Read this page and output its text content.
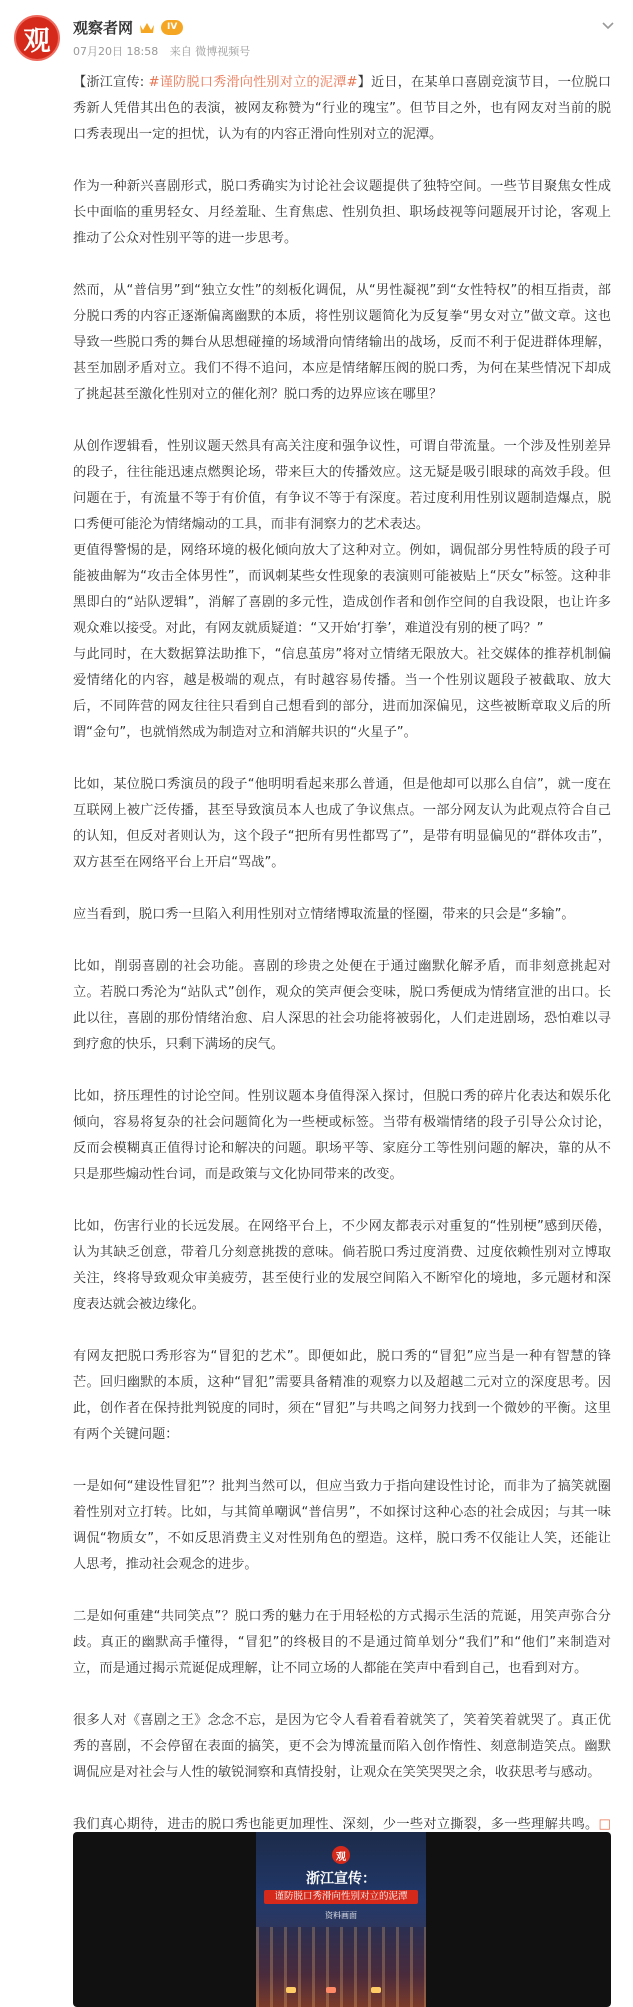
观	观察者网	IV
07月20日 18:58 来自 微博视频号

【浙江宣传: #谨防脱口秀滑向性别对立的泥潭#】近日，在某单口喜剧竞演节目，一位脱口秀新人凭借其出色的表演，被网友称赞为“行业的瑰宝”。但节目之外，也有网友对当前的脱口秀表现出一定的担忧，认为有的内容正滑向性别对立的泥潭。

作为一种新兴喜剧形式，脱口秀确实为讨论社会议题提供了独特空间。一些节目聚焦女性成长中面临的重男轻女、月经羞耻、生育焦虑、性别负担、职场歧视等问题展开讨论，客观上推动了公众对性别平等的进一步思考。

然而，从“普信男”到“独立女性”的刻板化调侃，从“男性凝视”到“女性特权”的相互指责，部分脱口秀的内容正逐渐偏离幽默的本质，将性别议题简化为反复拳“男女对立”做文章。这也导致一些脱口秀的舞台从思想碰撞的场域滑向情绪输出的战场，反而不利于促进群体理解，甚至加剧矛盾对立。我们不得不追问，本应是情绪解压阀的脱口秀，为何在某些情况下却成了挑起甚至激化性别对立的催化剂？脱口秀的边界应该在哪里？

从创作逻辑看，性别议题天然具有高关注度和强争议性，可谓自带流量。一个涉及性别差异的段子，往往能迅速点燃舆论场，带来巨大的传播效应。这无疑是吸引眼球的高效手段。但问题在于，有流量不等于有价值，有争议不等于有深度。若过度利用性别议题制造爆点，脱口秀便可能沦为情绪煽动的工具，而非有洞察力的艺术表达。

更值得警惕的是，网络环境的极化倾向放大了这种对立。例如，调侃部分男性特质的段子可能被曲解为“攻击全体男性”，而讽刺某些女性现象的表演则可能被贴上“厌女”标签。这种非黑即白的“站队逻辑”，消解了喜剧的多元性，造成创作者和创作空间的自我设限，也让许多观众难以接受。对此，有网友就质疑道：“又开始‘打拳’，难道没有别的梗了吗？”

与此同时，在大数据算法助推下，“信息茧房”将对立情绪无限放大。社交媒体的推荐机制偏爱情绪化的内容，越是极端的观点，有时越容易传播。当一个性别议题段子被截取、放大后，不同阵营的网友往往只看到自己想看到的部分，进而加深偏见，这些被断章取义后的所谓“金句”，也就悄然成为制造对立和消解共识的“火星子”。

比如，某位脱口秀演员的段子“他明明看起来那么普通，但是他却可以那么自信”，就一度在互联网上被广泛传播，甚至导致演员本人也成了争议焦点。一部分网友认为此观点符合自己的认知，但反对者则认为，这个段子“把所有男性都骂了”，是带有明显偏见的“群体攻击”，双方甚至在网络平台上开启“骂战”。

应当看到，脱口秀一旦陷入利用性别对立情绪博取流量的怪圈，带来的只会是“多输”。

比如，削弱喜剧的社会功能。喜剧的珍贵之处便在于通过幽默化解矛盾，而非刻意挑起对立。若脱口秀沦为“站队式”创作，观众的笑声便会变味，脱口秀便成为情绪宣泄的出口。长此以往，喜剧的那份情绪治愈、启人深思的社会功能将被弱化，人们走进剧场，恐怕难以寻到疗愈的快乐，只剩下满场的戾气。

比如，挤压理性的讨论空间。性别议题本身值得深入探讨，但脱口秀的碎片化表达和娱乐化倾向，容易将复杂的社会问题简化为一些梗或标签。当带有极端情绪的段子引导公众讨论，反而会模糊真正值得讨论和解决的问题。职场平等、家庭分工等性别问题的解决，靠的从不只是那些煽动性台词，而是政策与文化协同带来的改变。

比如，伤害行业的长远发展。在网络平台上，不少网友都表示对重复的“性别梗”感到厌倦，认为其缺乏创意，带着几分刻意挑拨的意味。倘若脱口秀过度消费、过度依赖性别对立博取关注，终将导致观众审美疲劳，甚至使行业的发展空间陷入不断窄化的境地，多元题材和深度表达就会被边缘化。

有网友把脱口秀形容为“冒犯的艺术”。即便如此，脱口秀的“冒犯”应当是一种有智慧的锋芒。回归幽默的本质，这种“冒犯”需要具备精准的观察力以及超越二元对立的深度思考。因此，创作者在保持批判锐度的同时，须在“冒犯”与共鸣之间努力找到一个微妙的平衡。这里有两个关键问题：

一是如何“建设性冒犯”？批判当然可以，但应当致力于指向建设性讨论，而非为了搞笑就圈着性别对立打转。比如，与其简单嘲讽“普信男”，不如探讨这种心态的社会成因；与其一味调侃“物质女”，不如反思消费主义对性别角色的塑造。这样，脱口秀不仅能让人笑，还能让人思考，推动社会观念的进步。

二是如何重建“共同笑点”？脱口秀的魅力在于用轻松的方式揭示生活的荒诞，用笑声弥合分歧。真正的幽默高手懂得，“冒犯”的终极目的不是通过简单划分“我们”和“他们”来制造对立，而是通过揭示荒诞促成理解，让不同立场的人都能在笑声中看到自己，也看到对方。

很多人对《喜剧之王》念念不忘，是因为它令人看着看着就笑了，笑着笑着就哭了。真正优秀的喜剧，不会停留在表面的搞笑，更不会为博流量而陷入创作惰性、刻意制造笑点。幽默调侃应是对社会与人性的敏锐洞察和真情投射，让观众在笑笑哭哭之余，收获思考与感动。

我们真心期待，进击的脱口秀也能更加理性、深刻，少一些对立撕裂，多一些理解共鸣。□

观
浙江宣传：
谨防脱口秀滑向性别对立的泥潭
资料画面
